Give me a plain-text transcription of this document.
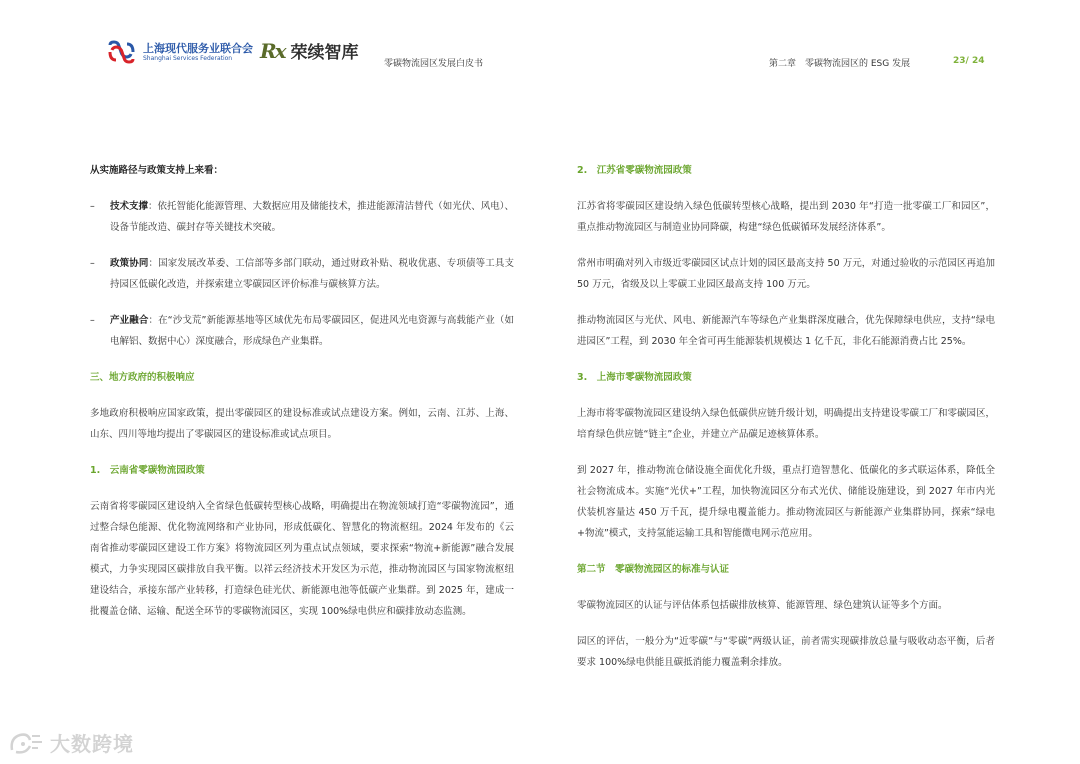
上海现代服务业联合会
Shanghai Services Federation	Rx 荣续智库
零碳物流园区发展白皮书	第二章　零碳物流园区的 ESG 发展	23/ 24

从实施路径与政策支持上来看：

– 技术支撑：依托智能化能源管理、大数据应用及储能技术，推进能源清洁替代（如光伏、风电）、设备节能改造、碳封存等关键技术突破。
– 政策协同：国家发展改革委、工信部等多部门联动，通过财政补贴、税收优惠、专项债等工具支持园区低碳化改造，并探索建立零碳园区评价标准与碳核算方法。
– 产业融合：在“沙戈荒”新能源基地等区域优先布局零碳园区，促进风光电资源与高载能产业（如电解铝、数据中心）深度融合，形成绿色产业集群。
三、地方政府的积极响应

多地政府积极响应国家政策，提出零碳园区的建设标准或试点建设方案。例如，云南、江苏、上海、山东、四川等地均提出了零碳园区的建设标准或试点项目。

1.　云南省零碳物流园政策

云南省将零碳园区建设纳入全省绿色低碳转型核心战略，明确提出在物流领域打造“零碳物流园”，通过整合绿色能源、优化物流网络和产业协同，形成低碳化、智慧化的物流枢纽。2024 年发布的《云南省推动零碳园区建设工作方案》将物流园区列为重点试点领域，要求探索“物流+新能源”融合发展模式，力争实现园区碳排放自我平衡。以祥云经济技术开发区为示范，推动物流园区与国家物流枢纽建设结合，承接东部产业转移，打造绿色硅光伏、新能源电池等低碳产业集群。到 2025 年，建成一批覆盖仓储、运输、配送全环节的零碳物流园区，实现 100%绿电供应和碳排放动态监测。

2.　江苏省零碳物流园政策

江苏省将零碳园区建设纳入绿色低碳转型核心战略，提出到 2030 年“打造一批零碳工厂和园区”，重点推动物流园区与制造业协同降碳，构建“绿色低碳循环发展经济体系”。

常州市明确对列入市级近零碳园区试点计划的园区最高支持 50 万元，对通过验收的示范园区再追加 50 万元，省级及以上零碳工业园区最高支持 100 万元。

推动物流园区与光伏、风电、新能源汽车等绿色产业集群深度融合，优先保障绿电供应，支持“绿电进园区”工程，到 2030 年全省可再生能源装机规模达 1 亿千瓦，非化石能源消费占比 25%。

3.　上海市零碳物流园政策

上海市将零碳物流园区建设纳入绿色低碳供应链升级计划，明确提出支持建设零碳工厂和零碳园区，培育绿色供应链“链主”企业，并建立产品碳足迹核算体系。

到 2027 年，推动物流仓储设施全面优化升级，重点打造智慧化、低碳化的多式联运体系，降低全社会物流成本。实施“光伏+”工程，加快物流园区分布式光伏、储能设施建设，到 2027 年市内光伏装机容量达 450 万千瓦，提升绿电覆盖能力。推动物流园区与新能源产业集群协同，探索“绿电+物流”模式，支持氢能运输工具和智能微电网示范应用。

第二节　零碳物流园区的标准与认证

零碳物流园区的认证与评估体系包括碳排放核算、能源管理、绿色建筑认证等多个方面。

园区的评估，一般分为“近零碳”与“零碳”两级认证，前者需实现碳排放总量与吸收动态平衡，后者要求 100%绿电供能且碳抵消能力覆盖剩余排放。

大数跨境
